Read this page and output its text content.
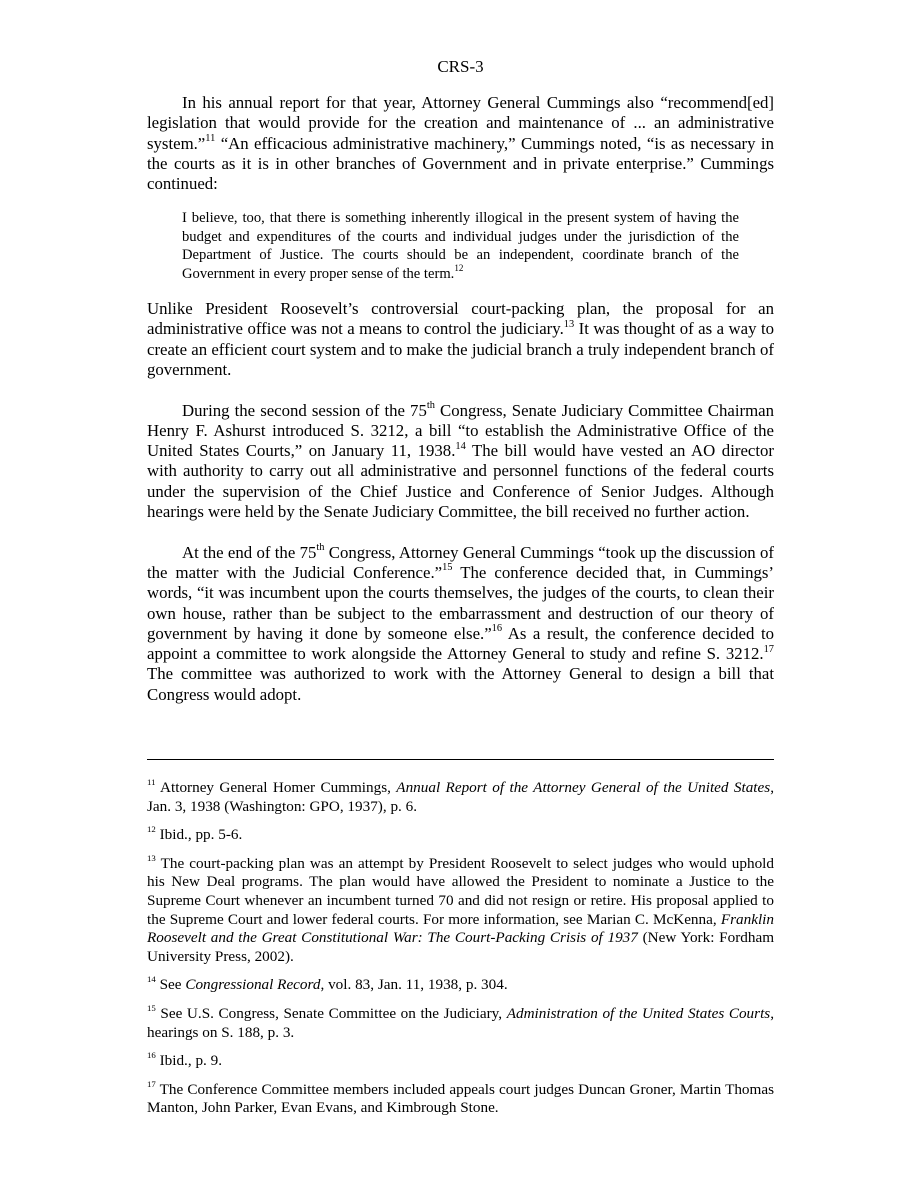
CRS-3

In his annual report for that year, Attorney General Cummings also “recommend[ed] legislation that would provide for the creation and maintenance of ... an administrative system.”$^{11}$ “An efficacious administrative machinery,” Cummings noted, “is as necessary in the courts as it is in other branches of Government and in private enterprise.” Cummings continued:

I believe, too, that there is something inherently illogical in the present system of having the budget and expenditures of the courts and individual judges under the jurisdiction of the Department of Justice. The courts should be an independent, coordinate branch of the Government in every proper sense of the term.$^{12}$

Unlike President Roosevelt’s controversial court-packing plan, the proposal for an administrative office was not a means to control the judiciary.$^{13}$ It was thought of as a way to create an efficient court system and to make the judicial branch a truly independent branch of government.

During the second session of the 75th Congress, Senate Judiciary Committee Chairman Henry F. Ashurst introduced S. 3212, a bill “to establish the Administrative Office of the United States Courts,” on January 11, 1938.14 The bill would have vested an AO director with authority to carry out all administrative and personnel functions of the federal courts under the supervision of the Chief Justice and Conference of Senior Judges. Although hearings were held by the Senate Judiciary Committee, the bill received no further action.

At the end of the 75th Congress, Attorney General Cummings “took up the discussion of the matter with the Judicial Conference.”$^{15}$ The conference decided that, in Cummings’ words, “it was incumbent upon the courts themselves, the judges of the courts, to clean their own house, rather than be subject to the embarrassment and destruction of our theory of government by having it done by someone else.”$^{16}$ As a result, the conference decided to appoint a committee to work alongside the Attorney General to study and refine S. 3212.17 The committee was authorized to work with the Attorney General to design a bill that Congress would adopt.

$^{11}$ Attorney General Homer Cummings, Annual Report of the Attorney General of the United States, Jan. 3, 1938 (Washington: GPO, 1937), p. 6.

$^{12}$ Ibid., pp. 5-6.

$^{13}$ The court-packing plan was an attempt by President Roosevelt to select judges who would uphold his New Deal programs. The plan would have allowed the President to nominate a Justice to the Supreme Court whenever an incumbent turned 70 and did not resign or retire. His proposal applied to the Supreme Court and lower federal courts. For more information, see Marian C. McKenna, Franklin Roosevelt and the Great Constitutional War: The Court-Packing Crisis of 1937 (New York: Fordham University Press, 2002).

$^{14}$ See Congressional Record, vol. 83, Jan. 11, 1938, p. 304.

$^{15}$ See U.S. Congress, Senate Committee on the Judiciary, Administration of the United States Courts, hearings on S. 188, p. 3.

$^{16}$ Ibid., p. 9.

$^{17}$ The Conference Committee members included appeals court judges Duncan Groner, Martin Thomas Manton, John Parker, Evan Evans, and Kimbrough Stone.
